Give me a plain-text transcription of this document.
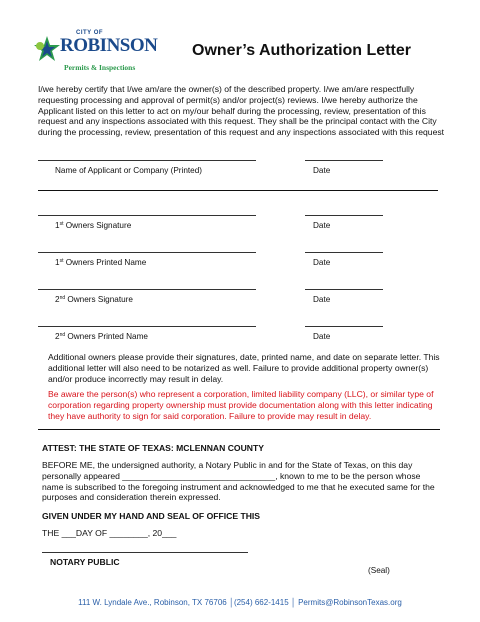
CITY OF
ROBINSON
Permits & Inspections
Owner’s Authorization Letter
I/we hereby certify that I/we am/are the owner(s) of the described property. I/we am/are respectfully requesting processing and approval of permit(s) and/or project(s) reviews. I/we hereby authorize the Applicant listed on this letter to act on my/our behalf during the processing, review, presentation of this request and any inspections associated with this request. They shall be the principal contact with the City during the processing, review, presentation of this request and any inspections associated with this request
Name of Applicant or Company (Printed)	Date
1st Owners Signature	Date
1st Owners Printed Name	Date
2nd Owners Signature	Date
2nd Owners Printed Name	Date
Additional owners please provide their signatures, date, printed name, and date on separate letter. This additional letter will also need to be notarized as well. Failure to provide additional property owner(s) and/or produce incorrectly may result in delay.
Be aware the person(s) who represent a corporation, limited liability company (LLC), or similar type of corporation regarding property ownership must provide documentation along with this letter indicating they have authority to sign for said corporation. Failure to provide may result in delay.
ATTEST: THE STATE OF TEXAS: MCLENNAN COUNTY
BEFORE ME, the undersigned authority, a Notary Public in and for the State of Texas, on this day personally appeared ________________________________, known to me to be the person whose name is subscribed to the foregoing instrument and acknowledged to me that he executed same for the purposes and consideration therein expressed.
GIVEN UNDER MY HAND AND SEAL OF OFFICE THIS
THE ___DAY OF ________, 20___
NOTARY PUBLIC
(Seal)
111 W. Lyndale Ave., Robinson, TX 76706 │(254) 662-1415 │ Permits@RobinsonTexas.org
